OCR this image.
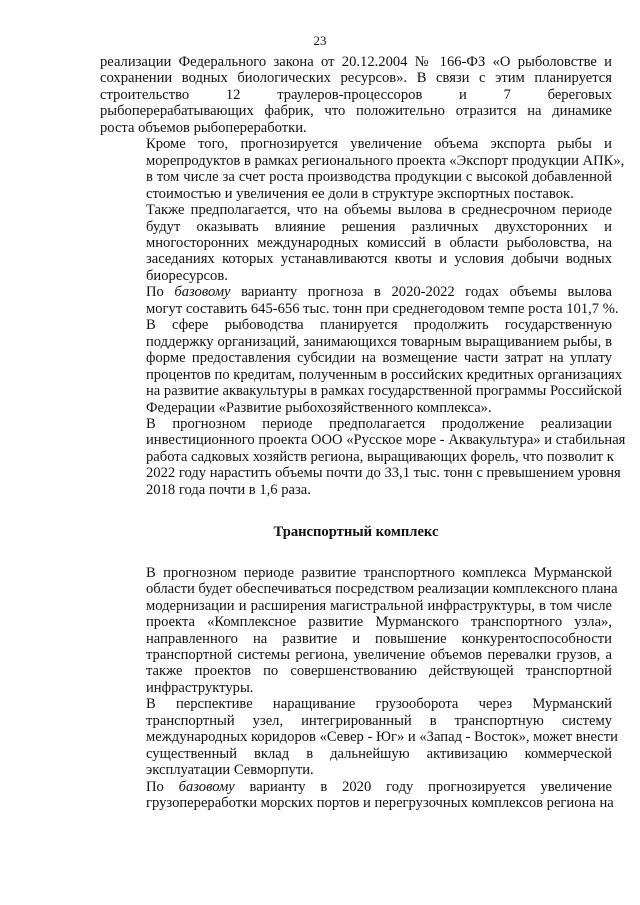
23

реализации Федерального закона от 20.12.2004 № 166-ФЗ «О рыболовстве и
сохранении водных биологических ресурсов». В связи с этим планируется
строительство 12 траулеров-процессоров и 7 береговых
рыбоперерабатывающих фабрик, что положительно отразится на динамике
роста объемов рыбопереработки.

Кроме того, прогнозируется увеличение объема экспорта рыбы и
морепродуктов в рамках регионального проекта «Экспорт продукции АПК»,
в том числе за счет роста производства продукции с высокой добавленной
стоимостью и увеличения ее доли в структуре экспортных поставок.

Также предполагается, что на объемы вылова в среднесрочном периоде
будут оказывать влияние решения различных двухсторонних и
многосторонних международных комиссий в области рыболовства, на
заседаниях которых устанавливаются квоты и условия добычи водных
биоресурсов.

По базовому варианту прогноза в 2020-2022 годах объемы вылова
могут составить 645-656 тыс. тонн при среднегодовом темпе роста 101,7 %.

В сфере рыбоводства планируется продолжить государственную
поддержку организаций, занимающихся товарным выращиванием рыбы, в
форме предоставления субсидии на возмещение части затрат на уплату
процентов по кредитам, полученным в российских кредитных организациях
на развитие аквакультуры в рамках государственной программы Российской
Федерации «Развитие рыбохозяйственного комплекса».

В прогнозном периоде предполагается продолжение реализации
инвестиционного проекта ООО «Русское море - Аквакультура» и стабильная
работа садковых хозяйств региона, выращивающих форель, что позволит к
2022 году нарастить объемы почти до 33,1 тыс. тонн с превышением уровня
2018 года почти в 1,6 раза.

Транспортный комплекс

В прогнозном периоде развитие транспортного комплекса Мурманской
области будет обеспечиваться посредством реализации комплексного плана
модернизации и расширения магистральной инфраструктуры, в том числе
проекта «Комплексное развитие Мурманского транспортного узла»,
направленного на развитие и повышение конкурентоспособности
транспортной системы региона, увеличение объемов перевалки грузов, а
также проектов по совершенствованию действующей транспортной
инфраструктуры.

В перспективе наращивание грузооборота через Мурманский
транспортный узел, интегрированный в транспортную систему
международных коридоров «Север - Юг» и «Запад - Восток», может внести
существенный вклад в дальнейшую активизацию коммерческой
эксплуатации Севморпути.

По базовому варианту в 2020 году прогнозируется увеличение
грузопереработки морских портов и перегрузочных комплексов региона на
